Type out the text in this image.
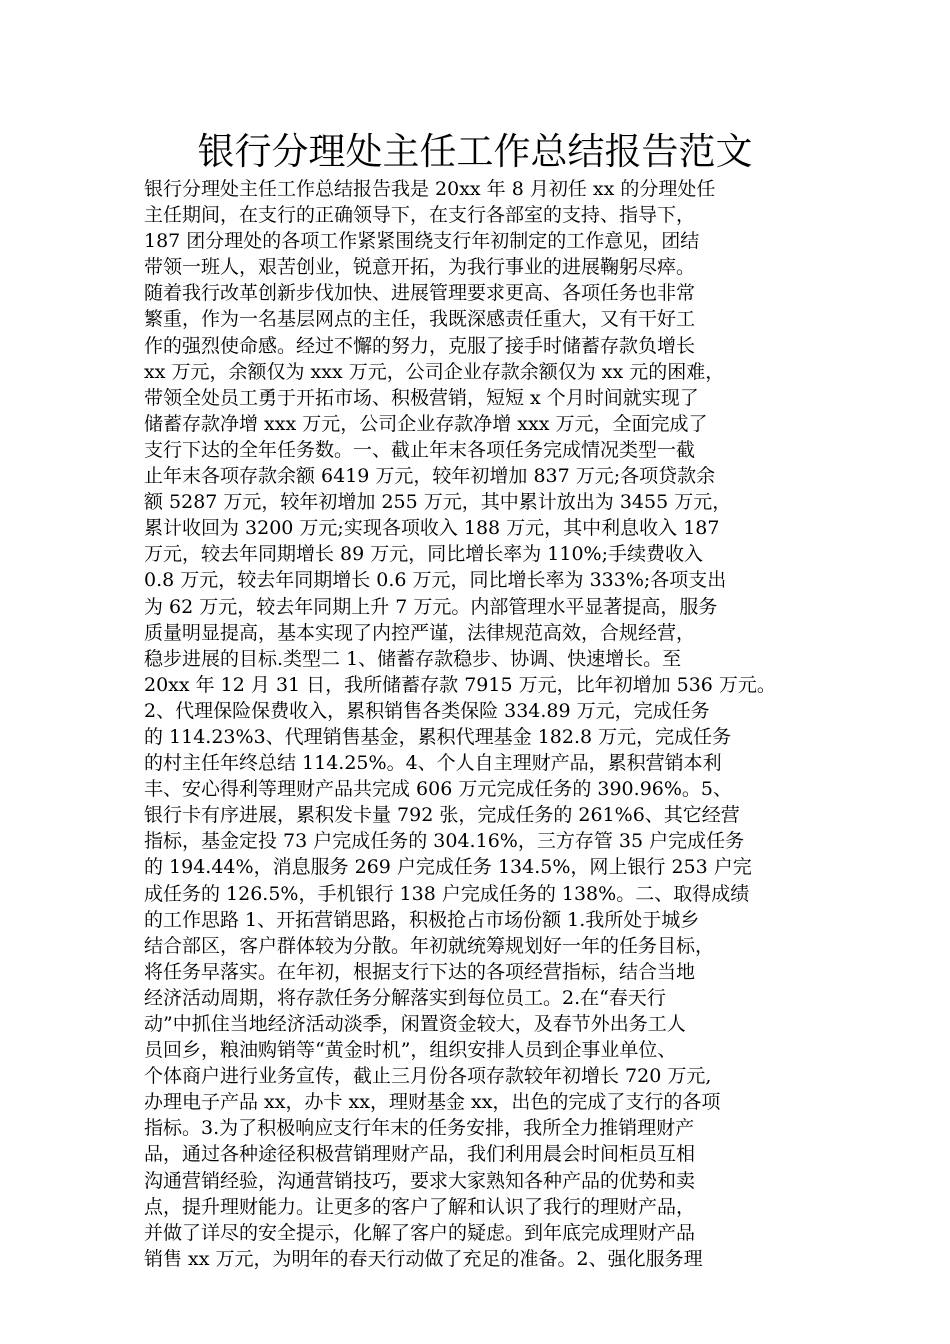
银行分理处主任工作总结报告范文
银行分理处主任工作总结报告我是 20xx 年 8 月初任 xx 的分理处任
主任期间，在支行的正确领导下，在支行各部室的支持、指导下，
187 团分理处的各项工作紧紧围绕支行年初制定的工作意见，团结
带领一班人，艰苦创业，锐意开拓，为我行事业的进展鞠躬尽瘁。
随着我行改革创新步伐加快、进展管理要求更高、各项任务也非常
繁重，作为一名基层网点的主任，我既深感责任重大，又有干好工
作的强烈使命感。经过不懈的努力，克服了接手时储蓄存款负增长
xx 万元，余额仅为 xxx 万元，公司企业存款余额仅为 xx 元的困难，
带领全处员工勇于开拓市场、积极营销，短短 x 个月时间就实现了
储蓄存款净增 xxx 万元，公司企业存款净增 xxx 万元，全面完成了
支行下达的全年任务数。一、截止年末各项任务完成情况类型一截
止年末各项存款余额 6419 万元，较年初增加 837 万元;各项贷款余
额 5287 万元，较年初增加 255 万元，其中累计放出为 3455 万元，
累计收回为 3200 万元;实现各项收入 188 万元，其中利息收入 187
万元，较去年同期增长 89 万元，同比增长率为 110%;手续费收入
0.8 万元，较去年同期增长 0.6 万元，同比增长率为 333%;各项支出
为 62 万元，较去年同期上升 7 万元。内部管理水平显著提高，服务
质量明显提高，基本实现了内控严谨，法律规范高效，合规经营，
稳步进展的目标.类型二 1、储蓄存款稳步、协调、快速增长。至
20xx 年 12 月 31 日，我所储蓄存款 7915 万元，比年初增加 536 万元。
2、代理保险保费收入，累积销售各类保险 334.89 万元，完成任务
的 114.23%3、代理销售基金，累积代理基金 182.8 万元，完成任务
的村主任年终总结 114.25%。4、个人自主理财产品，累积营销本利
丰、安心得利等理财产品共完成 606 万元完成任务的 390.96%。5、
银行卡有序进展，累积发卡量 792 张，完成任务的 261%6、其它经营
指标，基金定投 73 户完成任务的 304.16%，三方存管 35 户完成任务
的 194.44%，消息服务 269 户完成任务 134.5%，网上银行 253 户完
成任务的 126.5%，手机银行 138 户完成任务的 138%。二、取得成绩
的工作思路 1、开拓营销思路，积极抢占市场份额 1.我所处于城乡
结合部区，客户群体较为分散。年初就统筹规划好一年的任务目标，
将任务早落实。在年初，根据支行下达的各项经营指标，结合当地
经济活动周期，将存款任务分解落实到每位员工。2.在“春天行
动”中抓住当地经济活动淡季，闲置资金较大，及春节外出务工人
员回乡，粮油购销等“黄金时机”，组织安排人员到企事业单位、
个体商户进行业务宣传，截止三月份各项存款较年初增长 720 万元,
办理电子产品 xx，办卡 xx，理财基金 xx，出色的完成了支行的各项
指标。3.为了积极响应支行年末的任务安排，我所全力推销理财产
品，通过各种途径积极营销理财产品，我们利用晨会时间柜员互相
沟通营销经验，沟通营销技巧，要求大家熟知各种产品的优势和卖
点，提升理财能力。让更多的客户了解和认识了我行的理财产品，
并做了详尽的安全提示，化解了客户的疑虑。到年底完成理财产品
销售 xx 万元，为明年的春天行动做了充足的准备。2、强化服务理
